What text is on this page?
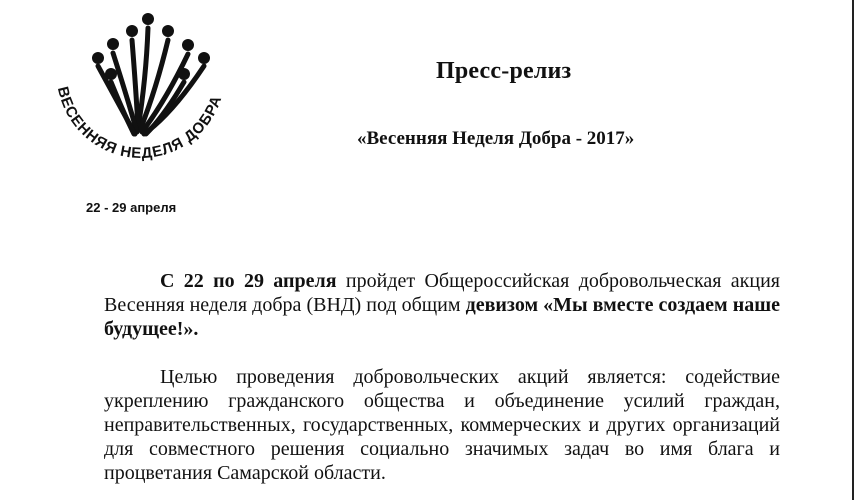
ВЕСЕННЯЯ НЕДЕЛЯ ДОБРА
22 - 29 апреля
Пресс-релиз
«Весенняя Неделя Добра - 2017»
С 22 по 29 апреля пройдет Общероссийская добровольческая акция Весенняя неделя добра (ВНД) под общим девизом «Мы вместе создаем наше будущее!».
Целью проведения добровольческих акций является: содействие укреплению гражданского общества и объединение усилий граждан, неправительственных, государственных, коммерческих и других организаций для совместного решения социально значимых задач во имя блага и процветания Самарской области.
